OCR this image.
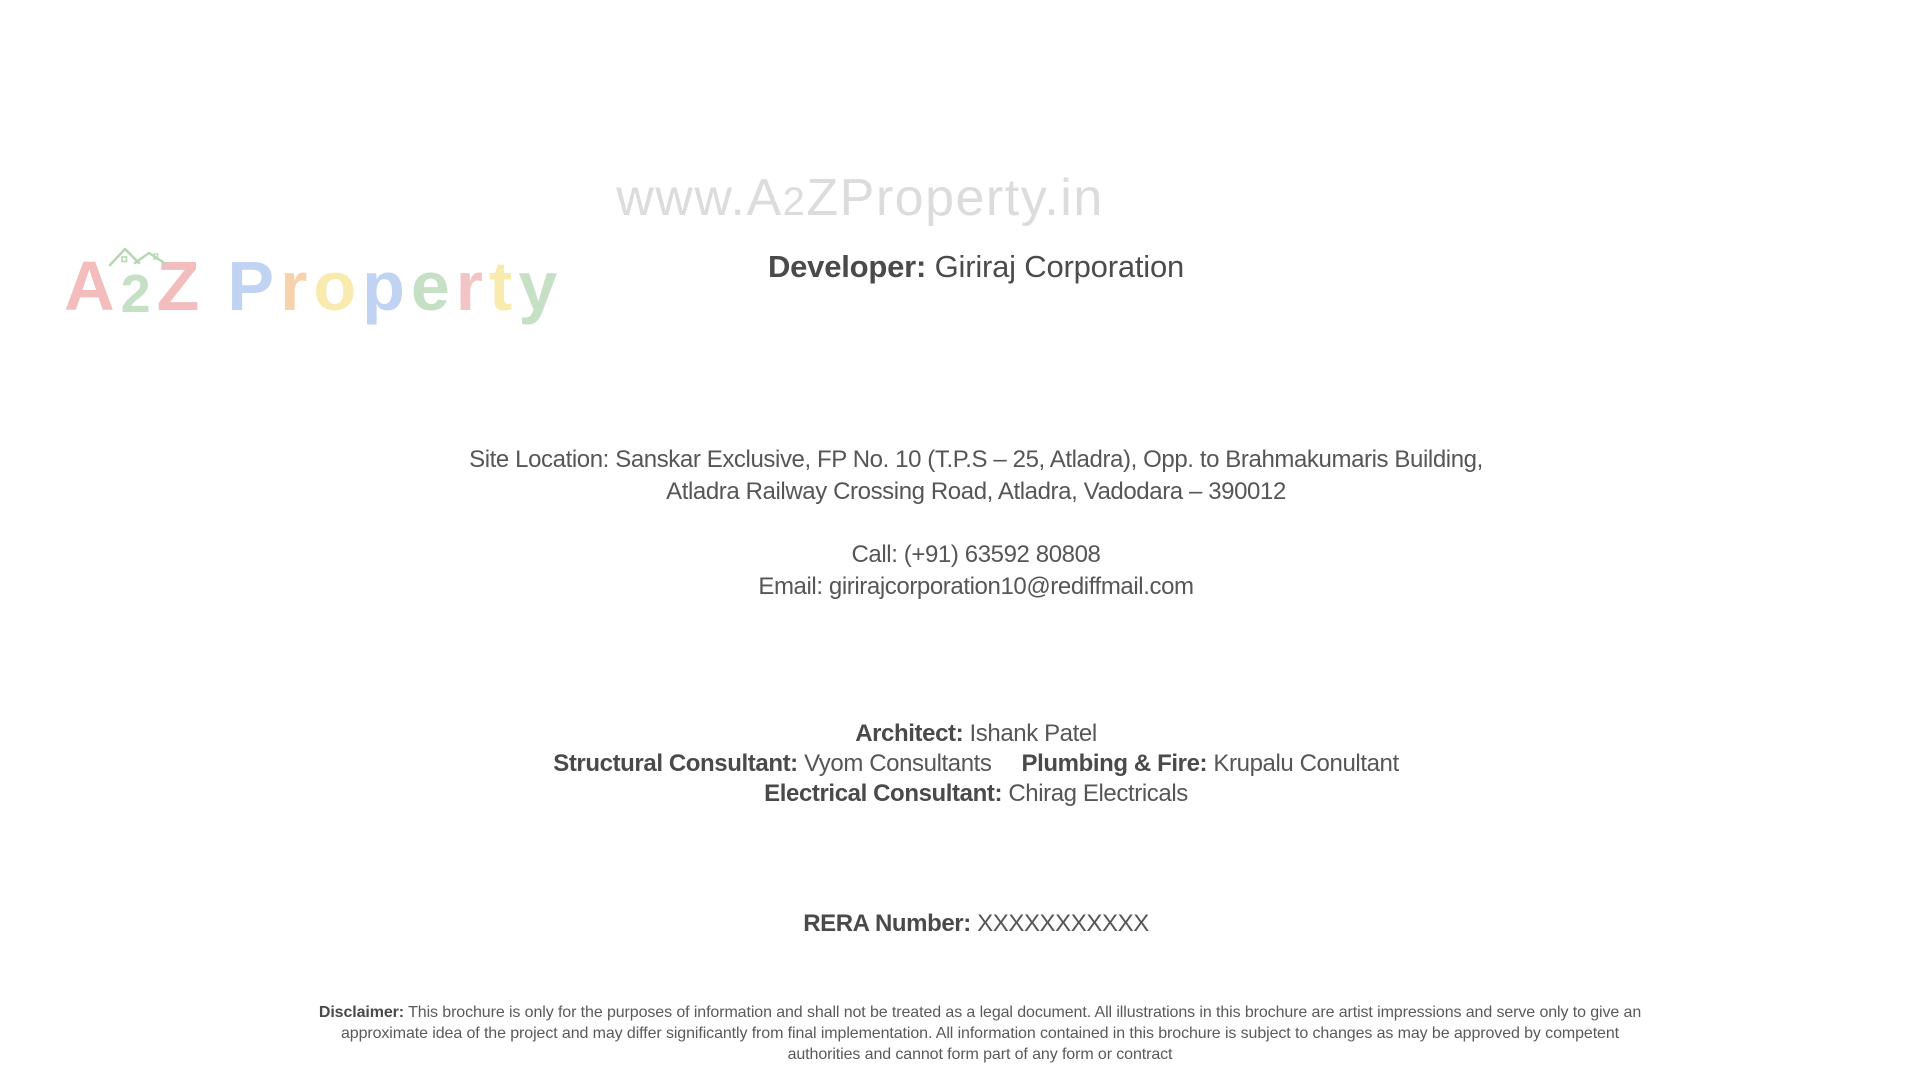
www.A2ZProperty.in
A2Z Property	Developer: Giriraj Corporation
Site Location: Sanskar Exclusive, FP No. 10 (T.P.S – 25, Atladra), Opp. to Brahmakumaris Building,
Atladra Railway Crossing Road, Atladra, Vadodara – 390012
Call: (+91) 63592 80808
Email: girirajcorporation10@rediffmail.com
Architect: Ishank Patel
Structural Consultant: Vyom Consultants Plumbing & Fire: Krupalu Conultant
Electrical Consultant: Chirag Electricals
RERA Number: XXXXXXXXXXX
Disclaimer: This brochure is only for the purposes of information and shall not be treated as a legal document. All illustrations in this brochure are artist impressions and serve only to give an approximate idea of the project and may differ significantly from final implementation. All information contained in this brochure is subject to changes as may be approved by competent authorities and cannot form part of any form or contract
